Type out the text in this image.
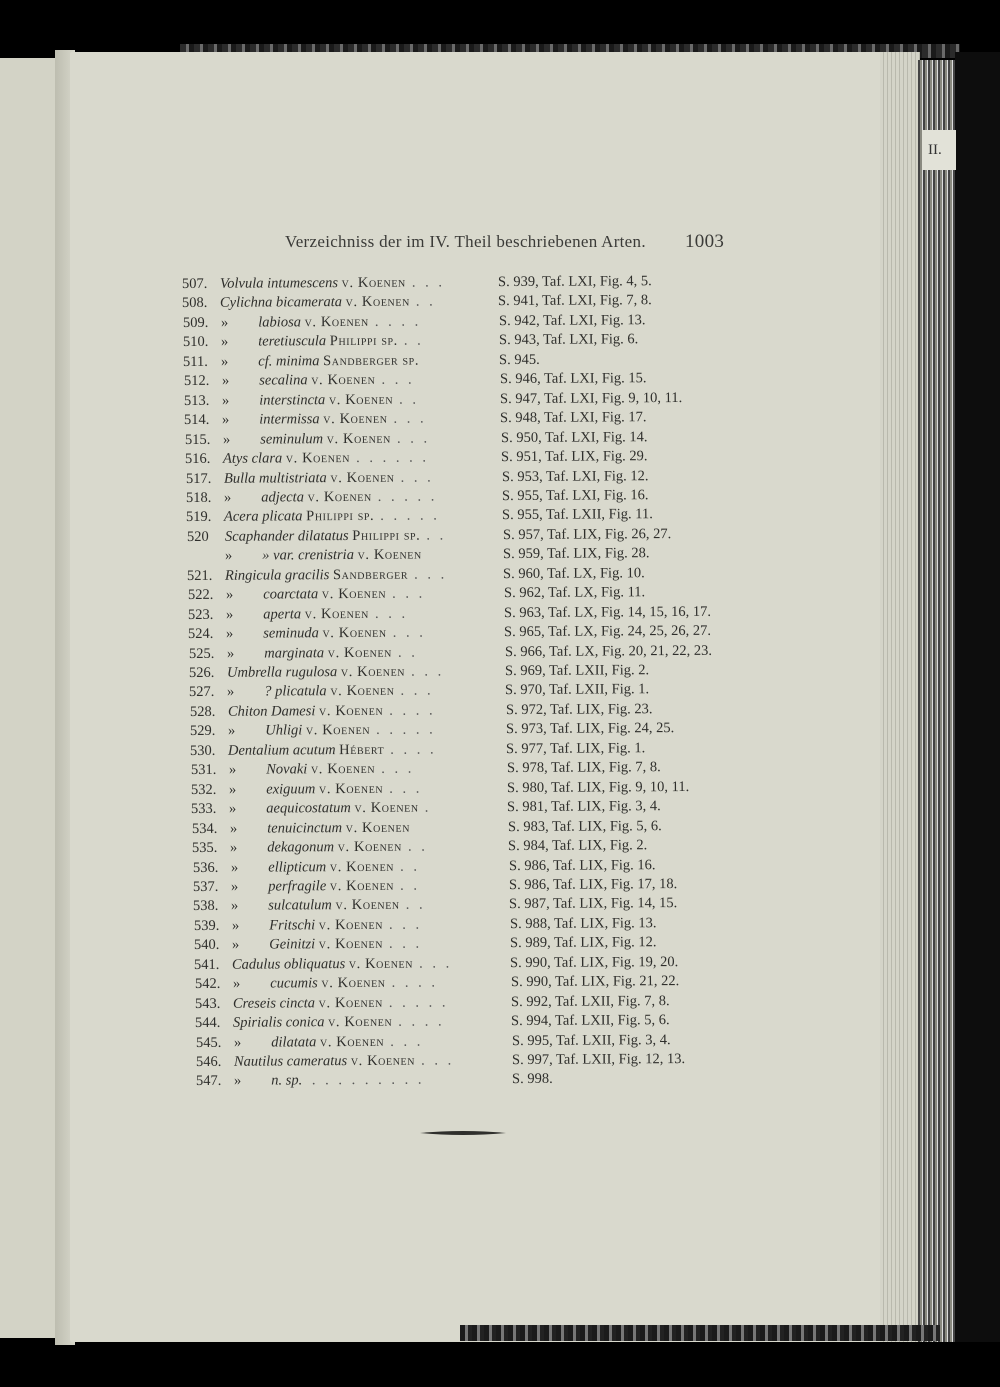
II.
Verzeichniss der im IV. Theil beschriebenen Arten. 1003
507. Volvula intumescens v. Koenen . . .	S. 939, Taf. LXI, Fig. 4, 5.
508. Cylichna bicamerata v. Koenen . .	S. 941, Taf. LXI, Fig. 7, 8.
509. » labiosa v. Koenen . . . .	S. 942, Taf. LXI, Fig. 13.
510. » teretiuscula Philippi sp. . .	S. 943, Taf. LXI, Fig. 6.
511. » cf. minima Sandberger sp.	S. 945.
512. » secalina v. Koenen . . .	S. 946, Taf. LXI, Fig. 15.
513. » interstincta v. Koenen . .	S. 947, Taf. LXI, Fig. 9, 10, 11.
514. » intermissa v. Koenen . . .	S. 948, Taf. LXI, Fig. 17.
515. » seminulum v. Koenen . . .	S. 950, Taf. LXI, Fig. 14.
516. Atys clara v. Koenen . . . . . .	S. 951, Taf. LIX, Fig. 29.
517. Bulla multistriata v. Koenen . . .	S. 953, Taf. LXI, Fig. 12.
518. » adjecta v. Koenen . . . . .	S. 955, Taf. LXI, Fig. 16.
519. Acera plicata Philippi sp. . . . . .	S. 955, Taf. LXII, Fig. 11.
520	Scaphander dilatatus Philippi sp. . .	S. 957, Taf. LIX, Fig. 26, 27.
» » var. crenistria v. Koenen	S. 959, Taf. LIX, Fig. 28.
521. Ringicula gracilis Sandberger . . .	S. 960, Taf. LX, Fig. 10.
522. » coarctata v. Koenen . . .	S. 962, Taf. LX, Fig. 11.
523. » aperta v. Koenen . . .	S. 963, Taf. LX, Fig. 14, 15, 16, 17.
524. » seminuda v. Koenen . . .	S. 965, Taf. LX, Fig. 24, 25, 26, 27.
525. » marginata v. Koenen . .	S. 966, Taf. LX, Fig. 20, 21, 22, 23.
526. Umbrella rugulosa v. Koenen . . .	S. 969, Taf. LXII, Fig. 2.
527. » ? plicatula v. Koenen . . .	S. 970, Taf. LXII, Fig. 1.
528. Chiton Damesi v. Koenen . . . .	S. 972, Taf. LIX, Fig. 23.
529. » Uhligi v. Koenen . . . . .	S. 973, Taf. LIX, Fig. 24, 25.
530. Dentalium acutum Hébert . . . .	S. 977, Taf. LIX, Fig. 1.
531. » Novaki v. Koenen . . .	S. 978, Taf. LIX, Fig. 7, 8.
532. » exiguum v. Koenen . . .	S. 980, Taf. LIX, Fig. 9, 10, 11.
533. » aequicostatum v. Koenen .	S. 981, Taf. LIX, Fig. 3, 4.
534. » tenuicinctum v. Koenen	S. 983, Taf. LIX, Fig. 5, 6.
535. » dekagonum v. Koenen . .	S. 984, Taf. LIX, Fig. 2.
536. » ellipticum v. Koenen . .	S. 986, Taf. LIX, Fig. 16.
537. » perfragile v. Koenen . .	S. 986, Taf. LIX, Fig. 17, 18.
538. » sulcatulum v. Koenen . .	S. 987, Taf. LIX, Fig. 14, 15.
539. » Fritschi v. Koenen . . .	S. 988, Taf. LIX, Fig. 13.
540. » Geinitzi v. Koenen . . .	S. 989, Taf. LIX, Fig. 12.
541. Cadulus obliquatus v. Koenen . . .	S. 990, Taf. LIX, Fig. 19, 20.
542. » cucumis v. Koenen . . . .	S. 990, Taf. LIX, Fig. 21, 22.
543. Creseis cincta v. Koenen . . . . .	S. 992, Taf. LXII, Fig. 7, 8.
544. Spirialis conica v. Koenen . . . .	S. 994, Taf. LXII, Fig. 5, 6.
545. » dilatata v. Koenen . . .	S. 995, Taf. LXII, Fig. 3, 4.
546. Nautilus cameratus v. Koenen . . .	S. 997, Taf. LXII, Fig. 12, 13.
547. » n. sp. . . . . . . . . .	S. 998.
